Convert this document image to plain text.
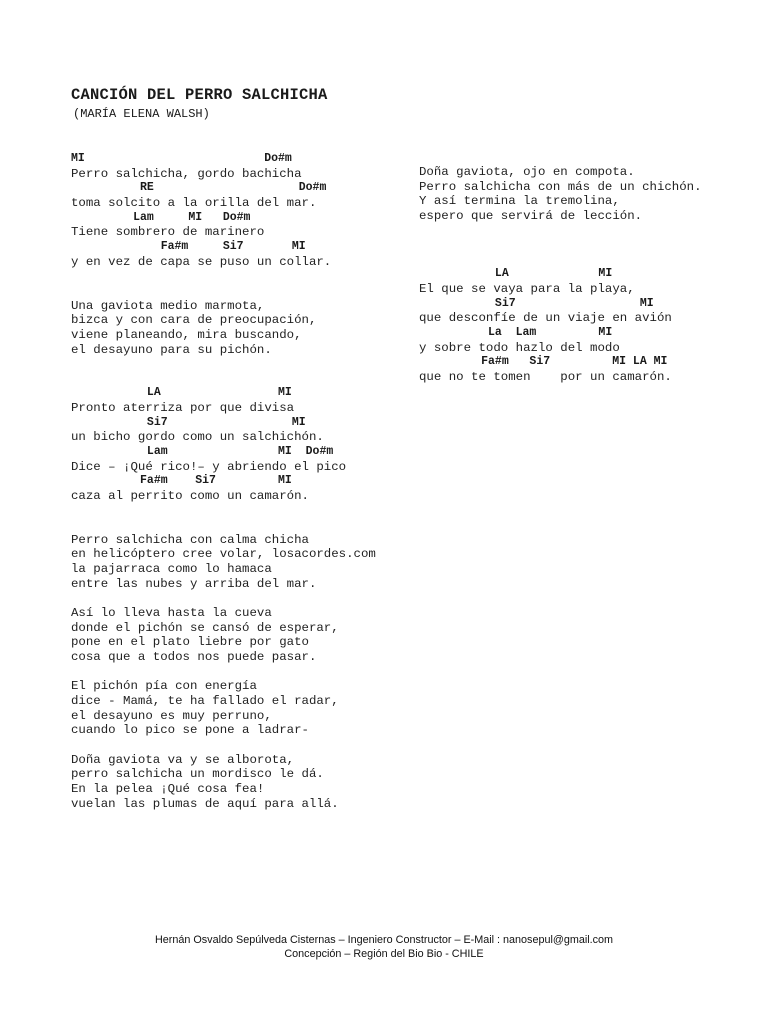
CANCIÓN DEL PERRO SALCHICHA
(MARÍA ELENA WALSH)
MI                          Do#m
Perro salchicha, gordo bachicha
RE                     Do#m
toma solcito a la orilla del mar.
Lam     MI   Do#m
Tiene sombrero de marinero
Fa#m     Si7       MI
y en vez de capa se puso un collar.
Una gaviota medio marmota,
bizca y con cara de preocupación,
viene planeando, mira buscando,
el desayuno para su pichón.
LA                 MI
Pronto aterriza por que divisa
Si7                  MI
un bicho gordo como un salchichón.
Lam                MI  Do#m
Dice – ¡Qué rico!– y abriendo el pico
Fa#m    Si7         MI
caza al perrito como un camarón.
Perro salchicha con calma chicha
en helicóptero cree volar, losacordes.com
la pajarraca como lo hamaca
entre las nubes y arriba del mar.
Así lo lleva hasta la cueva
donde el pichón se cansó de esperar,
pone en el plato liebre por gato
cosa que a todos nos puede pasar.
El pichón pía con energía
dice - Mamá, te ha fallado el radar,
el desayuno es muy perruno,
cuando lo pico se pone a ladrar-
Doña gaviota va y se alborota,
perro salchicha un mordisco le dá.
En la pelea ¡Qué cosa fea!
vuelan las plumas de aquí para allá.
Doña gaviota, ojo en compota.
Perro salchicha con más de un chichón.
Y así termina la tremolina,
espero que servirá de lección.
LA             MI
El que se vaya para la playa,
Si7                  MI
que desconfíe de un viaje en avión
La  Lam         MI
y sobre todo hazlo del modo
Fa#m   Si7         MI LA MI
que no te tomen    por un camarón.
Hernán Osvaldo Sepúlveda Cisternas – Ingeniero Constructor – E-Mail : nanosepul@gmail.com
Concepción – Región del Bio Bio - CHILE
